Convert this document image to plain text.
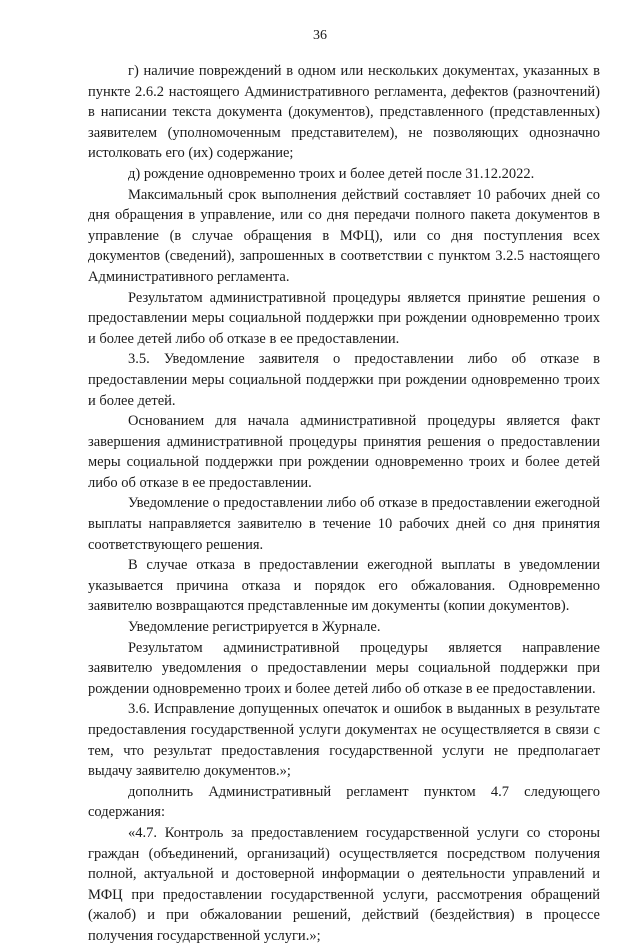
36

г) наличие повреждений в одном или нескольких документах, указанных в пункте 2.6.2 настоящего Административного регламента, дефектов (разночтений) в написании текста документа (документов), представленного (представленных) заявителем (уполномоченным представителем), не позволяющих однозначно истолковать его (их) содержание;

д) рождение одновременно троих и более детей после 31.12.2022.

Максимальный срок выполнения действий составляет 10 рабочих дней со дня обращения в управление, или со дня передачи полного пакета документов в управление (в случае обращения в МФЦ), или со дня поступления всех документов (сведений), запрошенных в соответствии с пунктом 3.2.5 настоящего Административного регламента.

Результатом административной процедуры является принятие решения о предоставлении меры социальной поддержки при рождении одновременно троих и более детей либо об отказе в ее предоставлении.

3.5. Уведомление заявителя о предоставлении либо об отказе в предоставлении меры социальной поддержки при рождении одновременно троих и более детей.

Основанием для начала административной процедуры является факт завершения административной процедуры принятия решения о предоставлении меры социальной поддержки при рождении одновременно троих и более детей либо об отказе в ее предоставлении.

Уведомление о предоставлении либо об отказе в предоставлении ежегодной выплаты направляется заявителю в течение 10 рабочих дней со дня принятия соответствующего решения.

В случае отказа в предоставлении ежегодной выплаты в уведомлении указывается причина отказа и порядок его обжалования. Одновременно заявителю возвращаются представленные им документы (копии документов).

Уведомление регистрируется в Журнале.

Результатом административной процедуры является направление заявителю уведомления о предоставлении меры социальной поддержки при рождении одновременно троих и более детей либо об отказе в ее предоставлении.

3.6. Исправление допущенных опечаток и ошибок в выданных в результате предоставления государственной услуги документах не осуществляется в связи с тем, что результат предоставления государственной услуги не предполагает выдачу заявителю документов.»;

дополнить Административный регламент пунктом 4.7 следующего содержания:

«4.7. Контроль за предоставлением государственной услуги со стороны граждан (объединений, организаций) осуществляется посредством получения полной, актуальной и достоверной информации о деятельности управлений и МФЦ при предоставлении государственной услуги, рассмотрения обращений (жалоб) и при обжаловании решений, действий (бездействия) в процессе получения государственной услуги.»;
